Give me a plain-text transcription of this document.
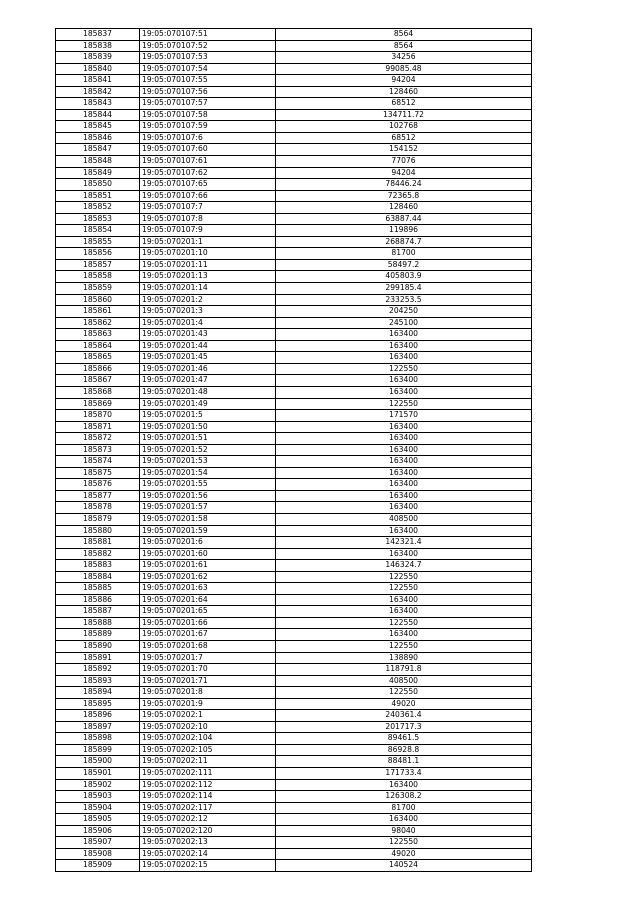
185837	19:05:070107:51	8564
185838	19:05:070107:52	8564
185839	19:05:070107:53	34256
185840	19:05:070107:54	99085.48
185841	19:05:070107:55	94204
185842	19:05:070107:56	128460
185843	19:05:070107:57	68512
185844	19:05:070107:58	134711.72
185845	19:05:070107:59	102768
185846	19:05:070107:6	68512
185847	19:05:070107:60	154152
185848	19:05:070107:61	77076
185849	19:05:070107:62	94204
185850	19:05:070107:65	78446.24
185851	19:05:070107:66	72365.8
185852	19:05:070107:7	128460
185853	19:05:070107:8	63887.44
185854	19:05:070107:9	119896
185855	19:05:070201:1	268874.7
185856	19:05:070201:10	81700
185857	19:05:070201:11	58497.2
185858	19:05:070201:13	405803.9
185859	19:05:070201:14	299185.4
185860	19:05:070201:2	233253.5
185861	19:05:070201:3	204250
185862	19:05:070201:4	245100
185863	19:05:070201:43	163400
185864	19:05:070201:44	163400
185865	19:05:070201:45	163400
185866	19:05:070201:46	122550
185867	19:05:070201:47	163400
185868	19:05:070201:48	163400
185869	19:05:070201:49	122550
185870	19:05:070201:5	171570
185871	19:05:070201:50	163400
185872	19:05:070201:51	163400
185873	19:05:070201:52	163400
185874	19:05:070201:53	163400
185875	19:05:070201:54	163400
185876	19:05:070201:55	163400
185877	19:05:070201:56	163400
185878	19:05:070201:57	163400
185879	19:05:070201:58	408500
185880	19:05:070201:59	163400
185881	19:05:070201:6	142321.4
185882	19:05:070201:60	163400
185883	19:05:070201:61	146324.7
185884	19:05:070201:62	122550
185885	19:05:070201:63	122550
185886	19:05:070201:64	163400
185887	19:05:070201:65	163400
185888	19:05:070201:66	122550
185889	19:05:070201:67	163400
185890	19:05:070201:68	122550
185891	19:05:070201:7	138890
185892	19:05:070201:70	118791.8
185893	19:05:070201:71	408500
185894	19:05:070201:8	122550
185895	19:05:070201:9	49020
185896	19:05:070202:1	240361.4
185897	19:05:070202:10	201717.3
185898	19:05:070202:104	89461.5
185899	19:05:070202:105	86928.8
185900	19:05:070202:11	88481.1
185901	19:05:070202:111	171733.4
185902	19:05:070202:112	163400
185903	19:05:070202:114	126308.2
185904	19:05:070202:117	81700
185905	19:05:070202:12	163400
185906	19:05:070202:120	98040
185907	19:05:070202:13	122550
185908	19:05:070202:14	49020
185909	19:05:070202:15	140524
